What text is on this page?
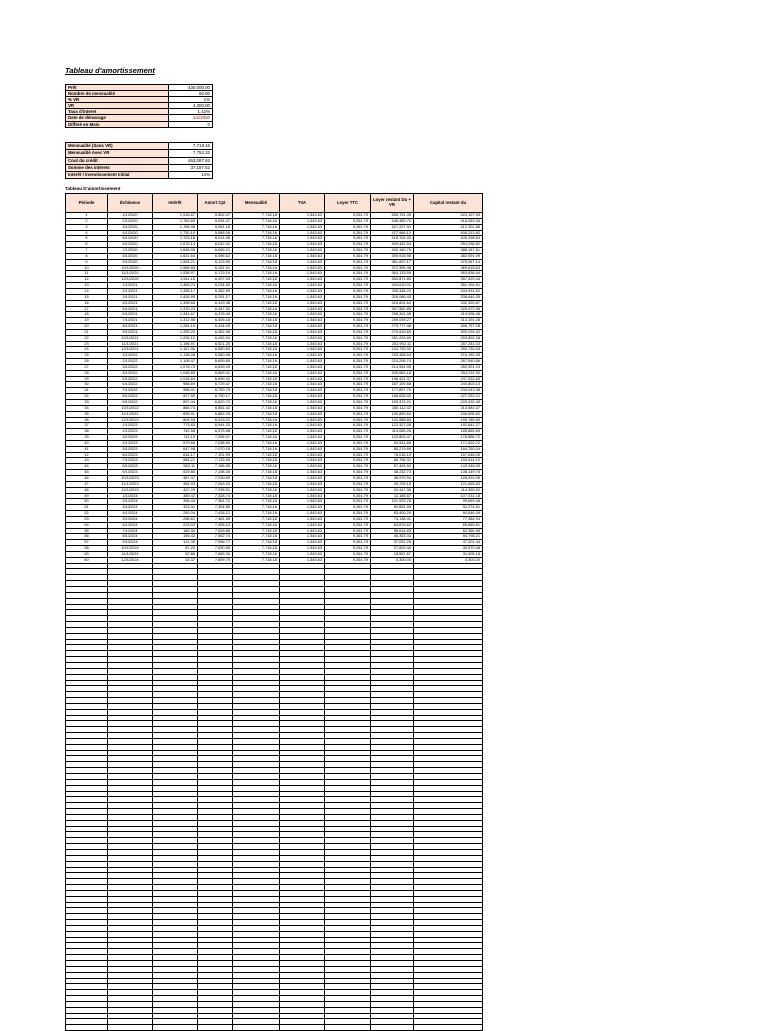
Tableau d'amortissement
Prêt	430,000.00
Nombre de mensualité	60.00
% VR	1%
VR	4,300.00
Taux d'interet	1.42%
Date de démarage	1/1/2020
Différé en Mois	0
Mensualité (Sans VR)	7,719.16
Mensualité Avec VR	7,752.32
Cout du crédit	463,087.62
Somme des intérets	37,187.62
Intérêt / Investissement Initial	14%
Tableau D'amortissement
Période	Échéance	Intérêt	Amort Cpt	Mensualité	TVA	Loyer TTC	Loyer restant Du + VR	Capital restant du
1	1/1/2020	1,916.67	5,802.47	7,718.16	1,543.63	9,261.79	455,751.49	424,197.53
2	2/1/2020	1,783.69	5,934.47	7,718.16	1,543.63	9,261.79	446,489.70	418,263.06
3	3/1/2020	1,756.98	5,961.18	7,718.16	1,543.63	9,261.79	437,227.91	412,301.88
4	4/1/2020	1,730.10	5,988.06	7,718.16	1,543.63	9,261.79	427,966.12	406,313.82
5	5/1/2020	1,703.18	6,014.98	7,718.16	1,543.63	9,261.79	418,704.33	400,298.84
6	6/1/2020	1,676.14	6,042.02	7,718.16	1,543.63	9,261.79	409,442.54	394,256.82
7	7/1/2020	1,648.95	6,069.21	7,718.16	1,543.63	9,261.79	400,180.75	388,187.61
8	8/1/2020	1,621.64	6,096.52	7,718.16	1,543.63	9,261.79	390,918.96	382,091.09
9	9/1/2020	1,594.21	6,123.95	7,718.16	1,543.63	9,261.79	381,657.17	375,967.14
10	10/1/2020	1,566.65	6,151.51	7,718.16	1,543.63	9,261.79	372,395.38	369,815.63
11	11/1/2020	1,538.97	6,179.19	7,718.16	1,543.63	9,261.79	363,133.59	363,636.44
12	12/1/2020	1,511.16	6,207.00	7,718.16	1,543.63	9,261.79	353,871.80	357,429.44
13	1/1/2021	1,483.23	6,234.93	7,718.16	1,543.63	9,261.79	344,610.01	351,194.51
14	2/1/2021	1,455.17	6,262.99	7,718.16	1,543.63	9,261.79	335,348.22	344,931.52
15	3/1/2021	1,426.99	6,291.17	7,718.16	1,543.63	9,261.79	326,086.43	338,640.35
16	4/1/2021	1,398.68	6,319.48	7,718.16	1,543.63	9,261.79	316,824.64	332,320.87
17	5/1/2021	1,370.24	6,347.92	7,718.16	1,543.63	9,261.79	307,562.85	325,972.95
18	6/1/2021	1,341.67	6,376.49	7,718.16	1,543.63	9,261.79	298,301.06	319,596.46
19	7/1/2021	1,312.98	6,405.18	7,718.16	1,543.63	9,261.79	289,039.27	313,191.28
20	8/1/2021	1,284.16	6,434.00	7,718.16	1,543.63	9,261.79	279,777.48	306,757.28
21	9/1/2021	1,255.20	6,462.96	7,718.16	1,543.63	9,261.79	270,515.69	300,294.32
22	10/1/2021	1,226.12	6,492.04	7,718.16	1,543.63	9,261.79	261,253.90	293,802.28
23	11/1/2021	1,196.91	6,521.25	7,718.16	1,543.63	9,261.79	251,992.11	287,281.03
24	12/1/2021	1,167.56	6,550.60	7,718.16	1,543.63	9,261.79	242,730.32	280,730.43
25	1/1/2022	1,138.08	6,580.08	7,718.16	1,543.63	9,261.79	233,468.53	274,150.35
26	2/1/2022	1,108.47	6,609.69	7,718.16	1,543.63	9,261.79	224,206.74	267,540.66
27	3/1/2022	1,078.73	6,639.43	7,718.16	1,543.63	9,261.79	214,944.95	260,901.23
28	4/1/2022	1,048.85	6,669.31	7,718.16	1,543.63	9,261.79	205,683.16	254,231.92
29	5/1/2022	1,018.84	6,699.32	7,718.16	1,543.63	9,261.79	196,421.37	247,532.60
30	6/1/2022	988.69	6,729.47	7,718.16	1,543.63	9,261.79	187,159.58	240,803.13
31	7/1/2022	958.41	6,759.75	7,718.16	1,543.63	9,261.79	177,897.79	234,043.38
32	8/1/2022	927.99	6,790.17	7,718.16	1,543.63	9,261.79	168,636.00	227,253.21
33	9/1/2022	897.44	6,820.72	7,718.16	1,543.63	9,261.79	159,374.21	220,432.49
34	10/1/2022	866.74	6,851.42	7,718.16	1,543.63	9,261.79	150,112.42	213,581.07
35	11/1/2022	835.91	6,882.25	7,718.16	1,543.63	9,261.79	140,850.63	206,698.82
36	12/1/2022	804.94	6,913.22	7,718.16	1,543.63	9,261.79	131,588.84	199,785.60
37	1/1/2023	773.83	6,944.33	7,718.16	1,543.63	9,261.79	122,327.05	192,841.27
38	2/1/2023	742.58	6,975.58	7,718.16	1,543.63	9,261.79	113,065.26	185,865.69
39	3/1/2023	711.19	7,006.97	7,718.16	1,543.63	9,261.79	103,803.47	178,858.72
40	4/1/2023	679.66	7,038.50	7,718.16	1,543.63	9,261.79	94,541.68	171,820.22
41	5/1/2023	647.98	7,070.18	7,718.16	1,543.63	9,261.79	85,279.89	164,750.04
42	6/1/2023	616.17	7,101.99	7,718.16	1,543.63	9,261.79	76,018.10	157,648.05
43	7/1/2023	584.21	7,133.95	7,718.16	1,543.63	9,261.79	66,756.31	150,514.10
44	8/1/2023	552.11	7,166.05	7,718.16	1,543.63	9,261.79	57,494.52	143,348.05
45	9/1/2023	519.86	7,198.30	7,718.16	1,543.63	9,261.79	48,232.73	136,149.75
46	10/1/2023	487.47	7,230.69	7,718.16	1,543.63	9,261.79	38,970.94	128,919.06
47	11/1/2023	454.93	7,263.23	7,718.16	1,543.63	9,261.79	29,709.15	121,655.83
48	12/1/2023	422.25	7,295.91	7,718.16	1,543.63	9,261.79	20,447.36	114,359.92
49	1/1/2024	389.42	7,328.74	7,718.16	1,543.63	9,261.79	11,185.57	107,031.18
50	2/1/2024	356.44	7,361.72	7,718.16	1,543.63	9,261.79	101,923.78	99,669.46
51	3/1/2024	323.31	7,394.85	7,718.16	1,543.63	9,261.79	92,661.99	92,274.61
52	4/1/2024	290.04	7,428.12	7,718.16	1,543.63	9,261.79	83,400.20	84,846.49
53	5/1/2024	256.61	7,461.55	7,718.16	1,543.63	9,261.79	74,138.41	77,384.94
54	6/1/2024	223.03	7,495.13	7,718.16	1,543.63	9,261.79	64,876.62	69,889.81
55	7/1/2024	189.30	7,528.86	7,718.16	1,543.63	9,261.79	55,614.83	62,360.95
56	8/1/2024	155.42	7,562.74	7,718.16	1,543.63	9,261.79	46,353.04	54,798.21
57	9/1/2024	121.39	7,596.77	7,718.16	1,543.63	9,261.79	37,091.25	47,201.44
58	10/1/2024	87.20	7,630.96	7,718.16	1,543.63	9,261.79	27,829.46	39,570.48
59	11/1/2024	52.86	7,665.30	7,718.16	1,543.63	9,261.79	18,567.67	31,905.18
60	12/1/2024	18.37	7,699.79	7,718.16	1,543.63	9,261.79	4,300.00	4,300.00
